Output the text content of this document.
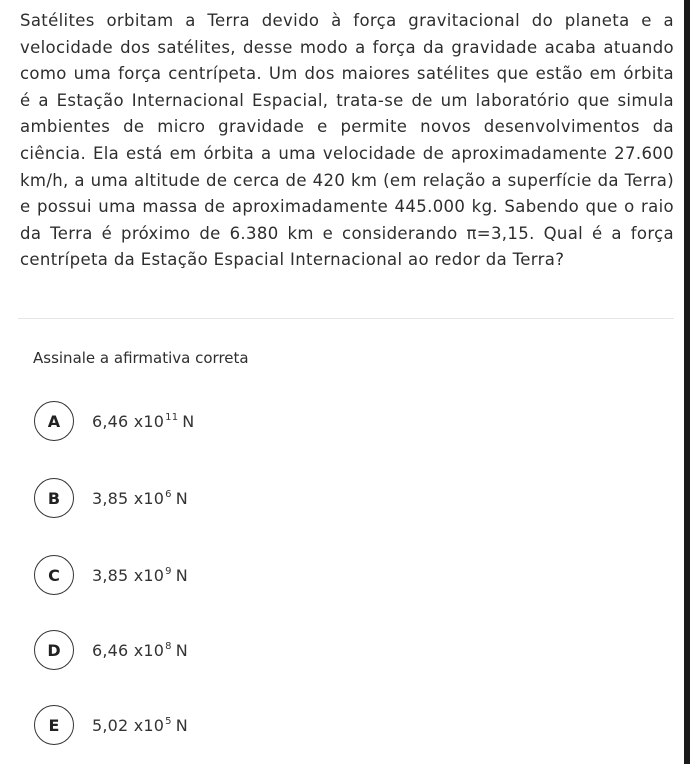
Satélites orbitam a Terra devido à força gravitacional do planeta e a velocidade dos satélites, desse modo a força da gravidade acaba atuando como uma força centrípeta. Um dos maiores satélites que estão em órbita é a Estação Internacional Espacial, trata-se de um laboratório que simula ambientes de micro gravidade e permite novos desenvolvimentos da ciência. Ela está em órbita a uma velocidade de aproximadamente 27.600 km/h, a uma altitude de cerca de 420 km (em relação a superfície da Terra) e possui uma massa de aproximadamente 445.000 kg. Sabendo que o raio da Terra é próximo de 6.380 km e considerando π=3,15. Qual é a força centrípeta da Estação Espacial Internacional ao redor da Terra?
Assinale a afirmativa correta
A	6,46 $x10^{11}$ N
B	3,85 $x10^6$ N
C	3,85 $x10^9$ N
D	6,46 $x10^8$ N
E	5,02 $x10^5$ N
